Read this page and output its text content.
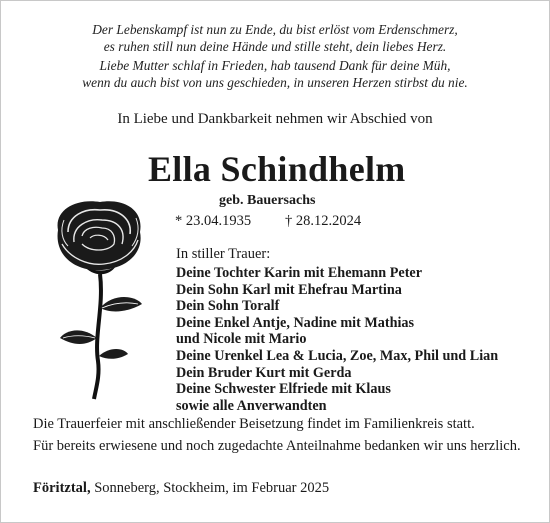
Der Lebenskampf ist nun zu Ende, du bist erlöst vom Erdenschmerz,
es ruhen still nun deine Hände und stille steht, dein liebes Herz.
Liebe Mutter schlaf in Frieden, hab tausend Dank für deine Müh,
wenn du auch bist von uns geschieden, in unseren Herzen stirbst du nie.
In Liebe und Dankbarkeit nehmen wir Abschied von
Ella Schindhelm
geb. Bauersachs
* 23.04.1935 † 28.12.2024
In stiller Trauer:
Deine Tochter Karin mit Ehemann Peter
Dein Sohn Karl mit Ehefrau Martina
Dein Sohn Toralf
Deine Enkel Antje, Nadine mit Mathias
und Nicole mit Mario
Deine Urenkel Lea & Lucia, Zoe, Max, Phil und Lian
Dein Bruder Kurt mit Gerda
Deine Schwester Elfriede mit Klaus
sowie alle Anverwandten
Die Trauerfeier mit anschließender Beisetzung findet im Familienkreis statt.
Für bereits erwiesene und noch zugedachte Anteilnahme bedanken wir uns herzlich.
Föritztal, Sonneberg, Stockheim, im Februar 2025
